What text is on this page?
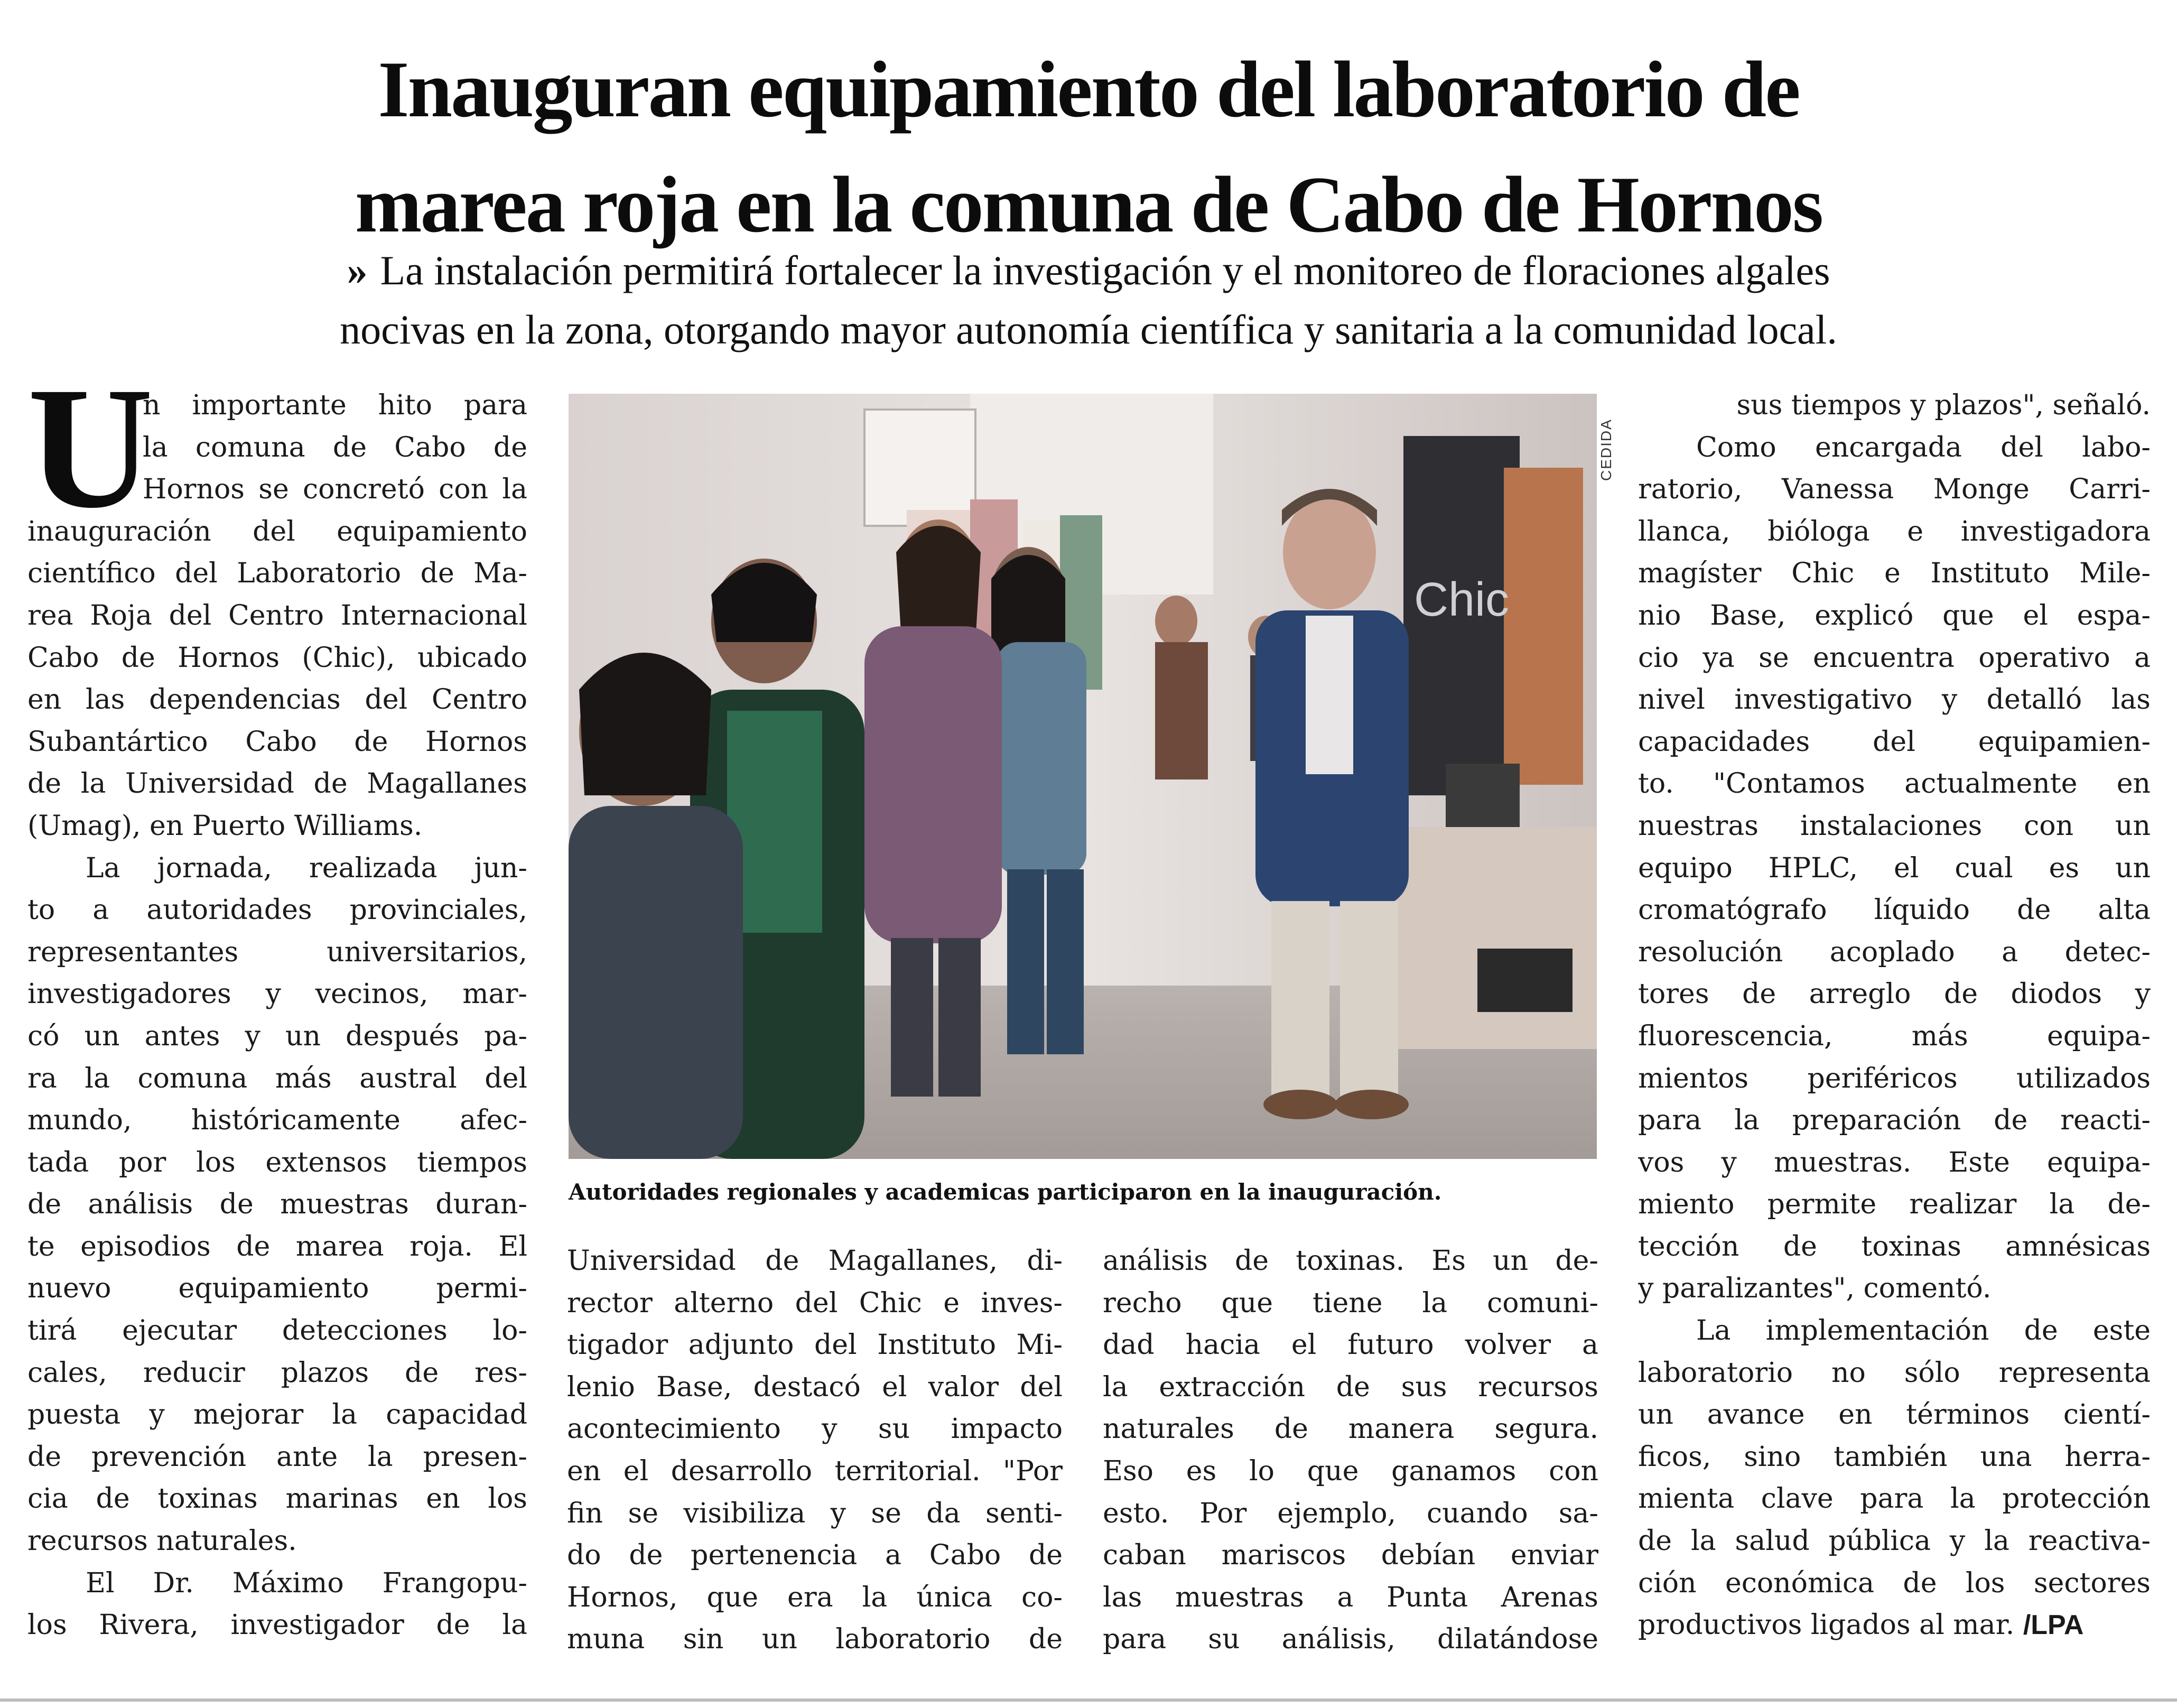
Inauguran equipamiento del laboratorio de
marea roja en la comuna de Cabo de Hornos
» La instalación permitirá fortalecer la investigación y el monitoreo de floraciones algales
nocivas en la zona, otorgando mayor autonomía científica y sanitaria a la comunidad local.
U
n importante hito para
la comuna de Cabo de
Hornos se concretó con la
inauguración del equipamiento
científico del Laboratorio de Ma-
rea Roja del Centro Internacional
Cabo de Hornos (Chic), ubicado
en las dependencias del Centro
Subantártico Cabo de Hornos
de la Universidad de Magallanes
(Umag), en Puerto Williams.
La jornada, realizada jun-
to a autoridades provinciales,
representantes universitarios,
investigadores y vecinos, mar-
có un antes y un después pa-
ra la comuna más austral del
mundo, históricamente afec-
tada por los extensos tiempos
de análisis de muestras duran-
te episodios de marea roja. El
nuevo equipamiento permi-
tirá ejecutar detecciones lo-
cales, reducir plazos de res-
puesta y mejorar la capacidad
de prevención ante la presen-
cia de toxinas marinas en los
recursos naturales.
El Dr. Máximo Frangopu-
los Rivera, investigador de la
Chic
CEDIDA
Autoridades regionales y academicas participaron en la inauguración.
Universidad de Magallanes, di-
rector alterno del Chic e inves-
tigador adjunto del Instituto Mi-
lenio Base, destacó el valor del
acontecimiento y su impacto
en el desarrollo territorial. "Por
fin se visibiliza y se da senti-
do de pertenencia a Cabo de
Hornos, que era la única co-
muna sin un laboratorio de
análisis de toxinas. Es un de-
recho que tiene la comuni-
dad hacia el futuro volver a
la extracción de sus recursos
naturales de manera segura.
Eso es lo que ganamos con
esto. Por ejemplo, cuando sa-
caban mariscos debían enviar
las muestras a Punta Arenas
para su análisis, dilatándose
sus tiempos y plazos", señaló.
Como encargada del labo-
ratorio, Vanessa Monge Carri-
llanca, bióloga e investigadora
magíster Chic e Instituto Mile-
nio Base, explicó que el espa-
cio ya se encuentra operativo a
nivel investigativo y detalló las
capacidades del equipamien-
to. "Contamos actualmente en
nuestras instalaciones con un
equipo HPLC, el cual es un
cromatógrafo líquido de alta
resolución acoplado a detec-
tores de arreglo de diodos y
fluorescencia, más equipa-
mientos periféricos utilizados
para la preparación de reacti-
vos y muestras. Este equipa-
miento permite realizar la de-
tección de toxinas amnésicas
y paralizantes", comentó.
La implementación de este
laboratorio no sólo representa
un avance en términos cientí-
ficos, sino también una herra-
mienta clave para la protección
de la salud pública y la reactiva-
ción económica de los sectores
productivos ligados al mar. /LPA
